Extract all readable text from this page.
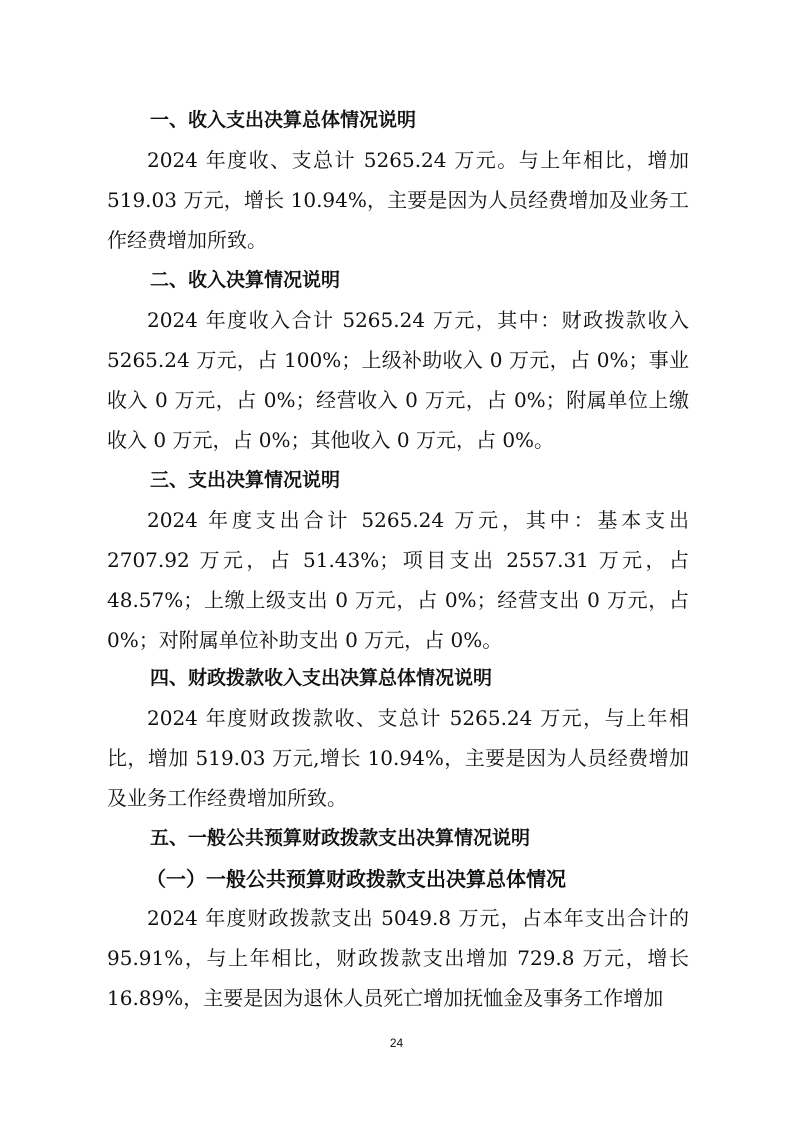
一、收入支出决算总体情况说明

2024 年度收、支总计 5265.24 万元。与上年相比，增加 519.03 万元，增长 10.94%，主要是因为人员经费增加及业务工作经费增加所致。

二、收入决算情况说明

2024 年度收入合计 5265.24 万元，其中：财政拨款收入 5265.24 万元，占 100%；上级补助收入 0 万元，占 0%；事业收入 0 万元，占 0%；经营收入 0 万元，占 0%；附属单位上缴收入 0 万元，占 0%；其他收入 0 万元，占 0%。

三、支出决算情况说明

2024 年度支出合计 5265.24 万元，其中：基本支出 2707.92 万元，占 51.43%；项目支出 2557.31 万元，占 48.57%；上缴上级支出 0 万元，占 0%；经营支出 0 万元，占 0%；对附属单位补助支出 0 万元，占 0%。

四、财政拨款收入支出决算总体情况说明

2024 年度财政拨款收、支总计 5265.24 万元，与上年相比，增加 519.03 万元,增长 10.94%，主要是因为人员经费增加及业务工作经费增加所致。

五、一般公共预算财政拨款支出决算情况说明
（一）一般公共预算财政拨款支出决算总体情况

2024 年度财政拨款支出 5049.8 万元，占本年支出合计的 95.91%，与上年相比，财政拨款支出增加 729.8 万元，增长 16.89%，主要是因为退休人员死亡增加抚恤金及事务工作增加

24
